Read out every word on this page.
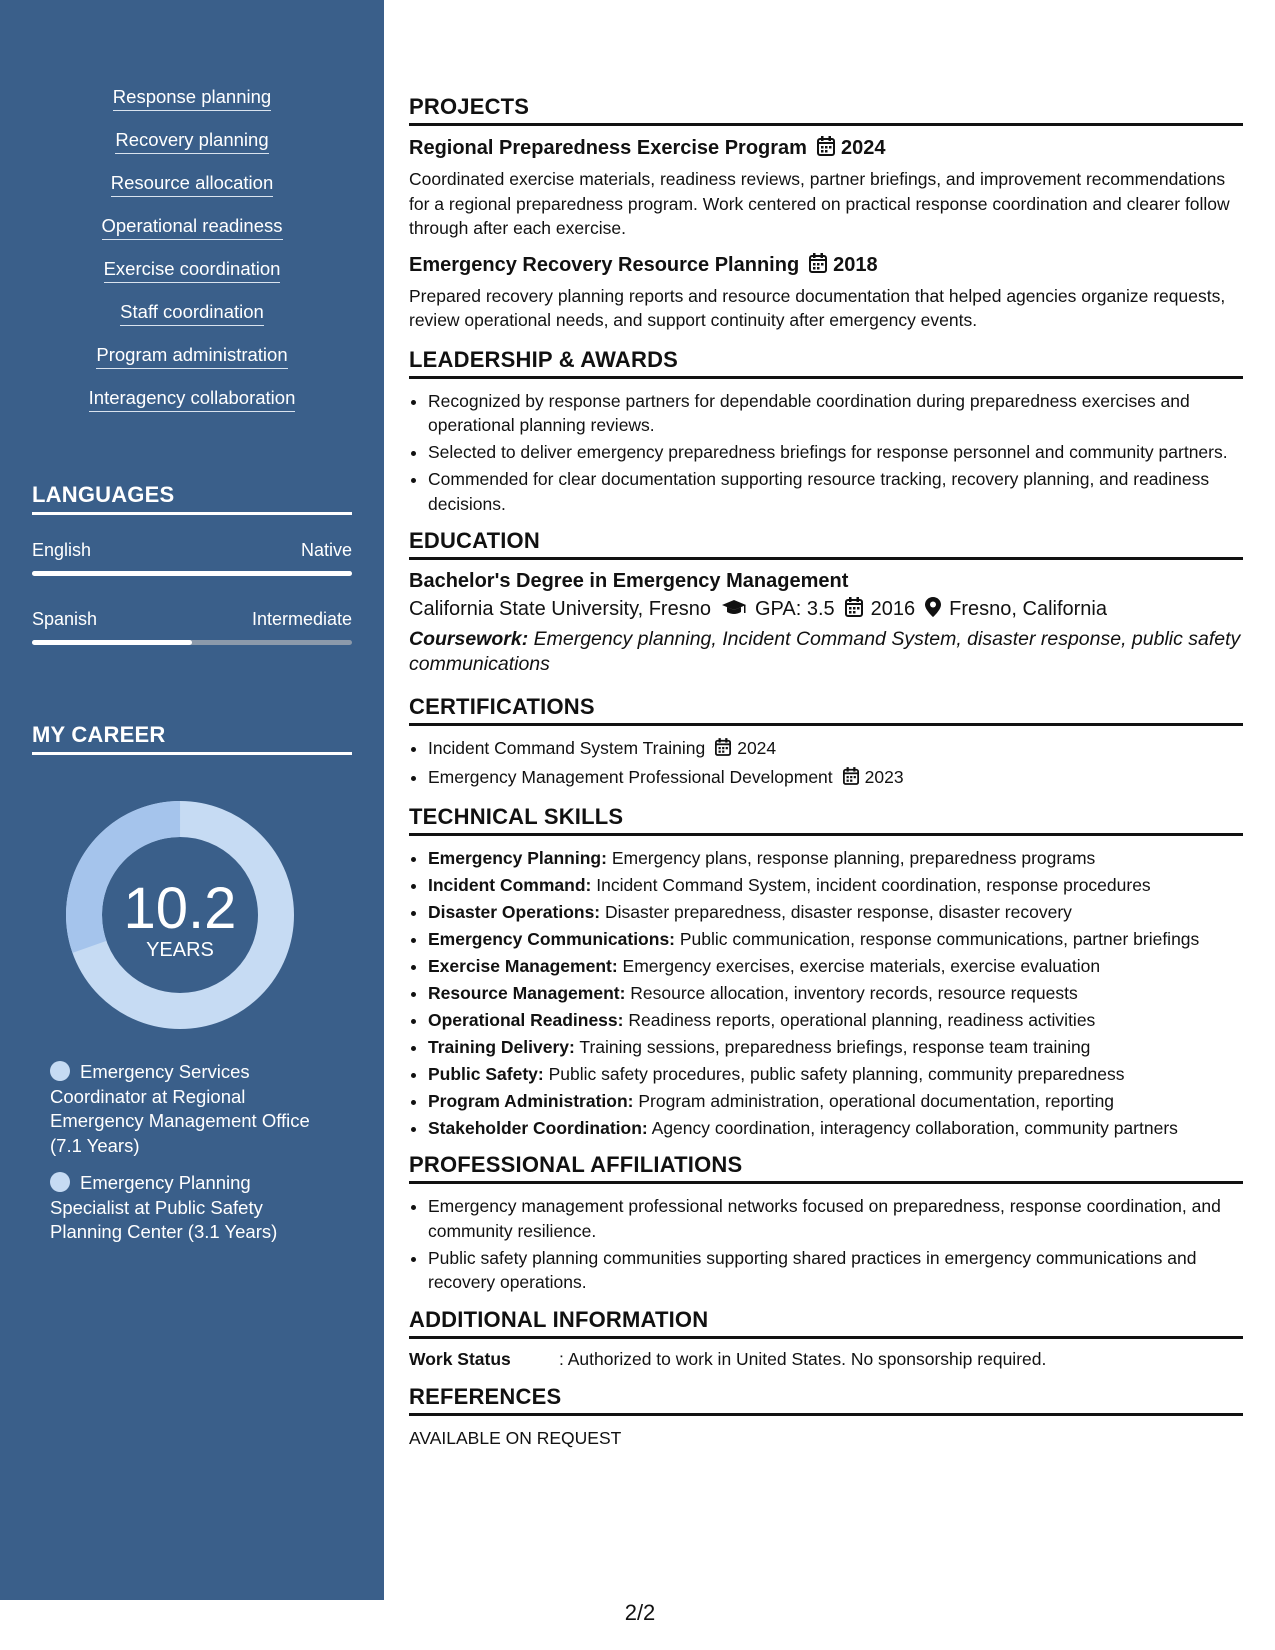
Response planning
Recovery planning
Resource allocation
Operational readiness
Exercise coordination
Staff coordination
Program administration
Interagency collaboration
LANGUAGES
English	Native
Spanish	Intermediate
MY CAREER
10.2
YEARS
Emergency Services Coordinator at Regional Emergency Management Office (7.1 Years)
Emergency Planning Specialist at Public Safety Planning Center (3.1 Years)
PROJECTS
Regional Preparedness Exercise Program 2024
Coordinated exercise materials, readiness reviews, partner briefings, and improvement recommendations for a regional preparedness program. Work centered on practical response coordination and clearer follow through after each exercise.
Emergency Recovery Resource Planning 2018
Prepared recovery planning reports and resource documentation that helped agencies organize requests, review operational needs, and support continuity after emergency events.
LEADERSHIP & AWARDS
• Recognized by response partners for dependable coordination during preparedness exercises and operational planning reviews.
• Selected to deliver emergency preparedness briefings for response personnel and community partners.
• Commended for clear documentation supporting resource tracking, recovery planning, and readiness decisions.
EDUCATION
Bachelor's Degree in Emergency Management
California State University, Fresno GPA: 3.5 2016 Fresno, California
Coursework: Emergency planning, Incident Command System, disaster response, public safety communications
CERTIFICATIONS
• Incident Command System Training 2024
• Emergency Management Professional Development 2023
TECHNICAL SKILLS
• Emergency Planning: Emergency plans, response planning, preparedness programs
• Incident Command: Incident Command System, incident coordination, response procedures
• Disaster Operations: Disaster preparedness, disaster response, disaster recovery
• Emergency Communications: Public communication, response communications, partner briefings
• Exercise Management: Emergency exercises, exercise materials, exercise evaluation
• Resource Management: Resource allocation, inventory records, resource requests
• Operational Readiness: Readiness reports, operational planning, readiness activities
• Training Delivery: Training sessions, preparedness briefings, response team training
• Public Safety: Public safety procedures, public safety planning, community preparedness
• Program Administration: Program administration, operational documentation, reporting
• Stakeholder Coordination: Agency coordination, interagency collaboration, community partners
PROFESSIONAL AFFILIATIONS
• Emergency management professional networks focused on preparedness, response coordination, and community resilience.
• Public safety planning communities supporting shared practices in emergency communications and recovery operations.
ADDITIONAL INFORMATION
Work Status	: Authorized to work in United States. No sponsorship required.
REFERENCES
AVAILABLE ON REQUEST
2/2
